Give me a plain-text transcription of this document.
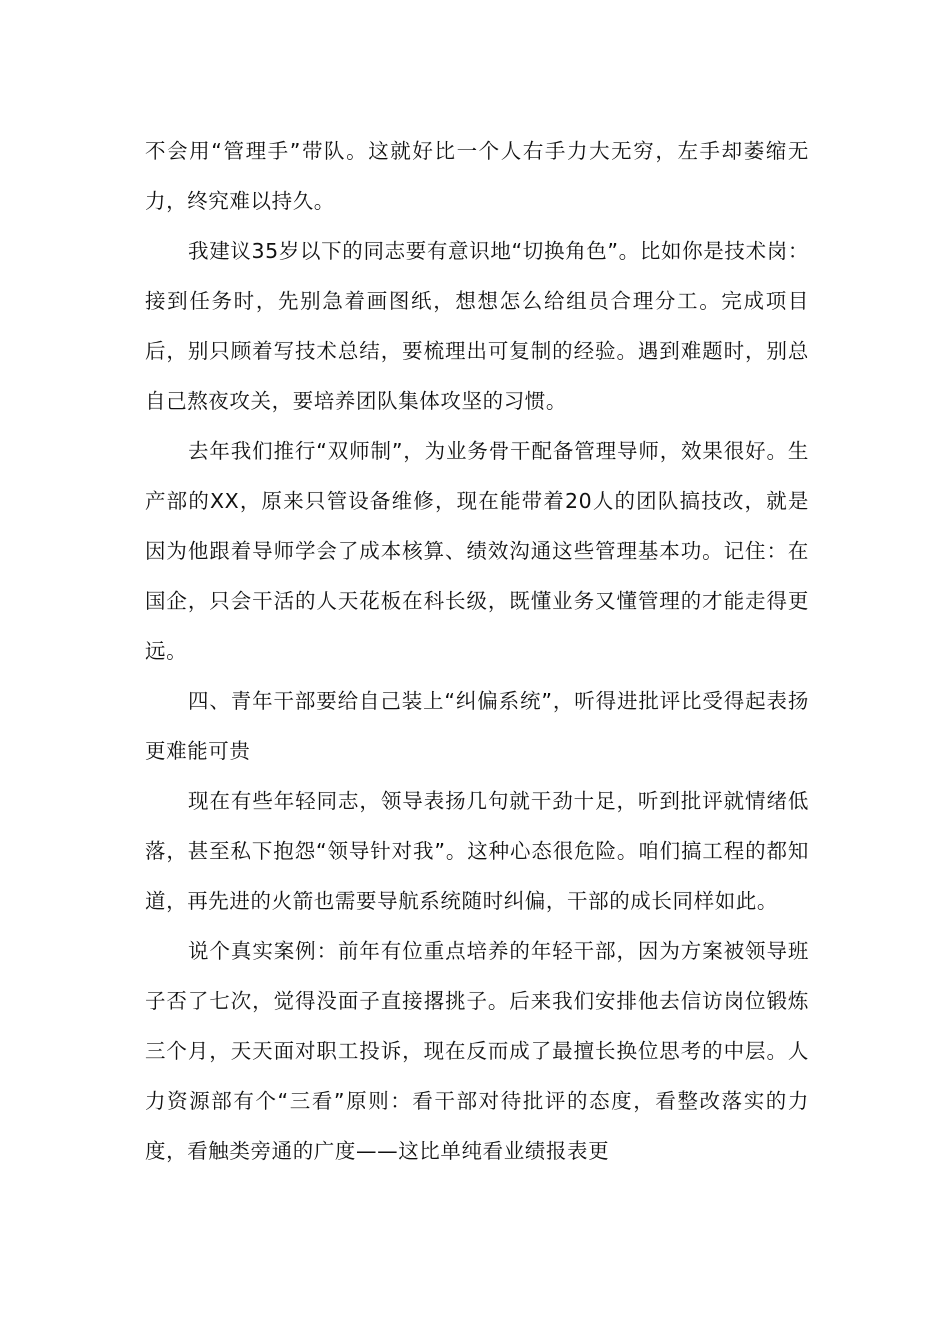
不会用“管理手”带队。这就好比一个人右手力大无穷，左手却萎缩无力，终究难以持久。

我建议35岁以下的同志要有意识地“切换角色”。比如你是技术岗：接到任务时，先别急着画图纸，想想怎么给组员合理分工。完成项目后，别只顾着写技术总结，要梳理出可复制的经验。遇到难题时，别总自己熬夜攻关，要培养团队集体攻坚的习惯。

去年我们推行“双师制”，为业务骨干配备管理导师，效果很好。生产部的XX，原来只管设备维修，现在能带着20人的团队搞技改，就是因为他跟着导师学会了成本核算、绩效沟通这些管理基本功。记住：在国企，只会干活的人天花板在科长级，既懂业务又懂管理的才能走得更远。

四、青年干部要给自己装上“纠偏系统”，听得进批评比受得起表扬更难能可贵

现在有些年轻同志，领导表扬几句就干劲十足，听到批评就情绪低落，甚至私下抱怨“领导针对我”。这种心态很危险。咱们搞工程的都知道，再先进的火箭也需要导航系统随时纠偏，干部的成长同样如此。

说个真实案例：前年有位重点培养的年轻干部，因为方案被领导班子否了七次，觉得没面子直接撂挑子。后来我们安排他去信访岗位锻炼三个月，天天面对职工投诉，现在反而成了最擅长换位思考的中层。人力资源部有个“三看”原则：看干部对待批评的态度，看整改落实的力度，看触类旁通的广度——这比单纯看业绩报表更
